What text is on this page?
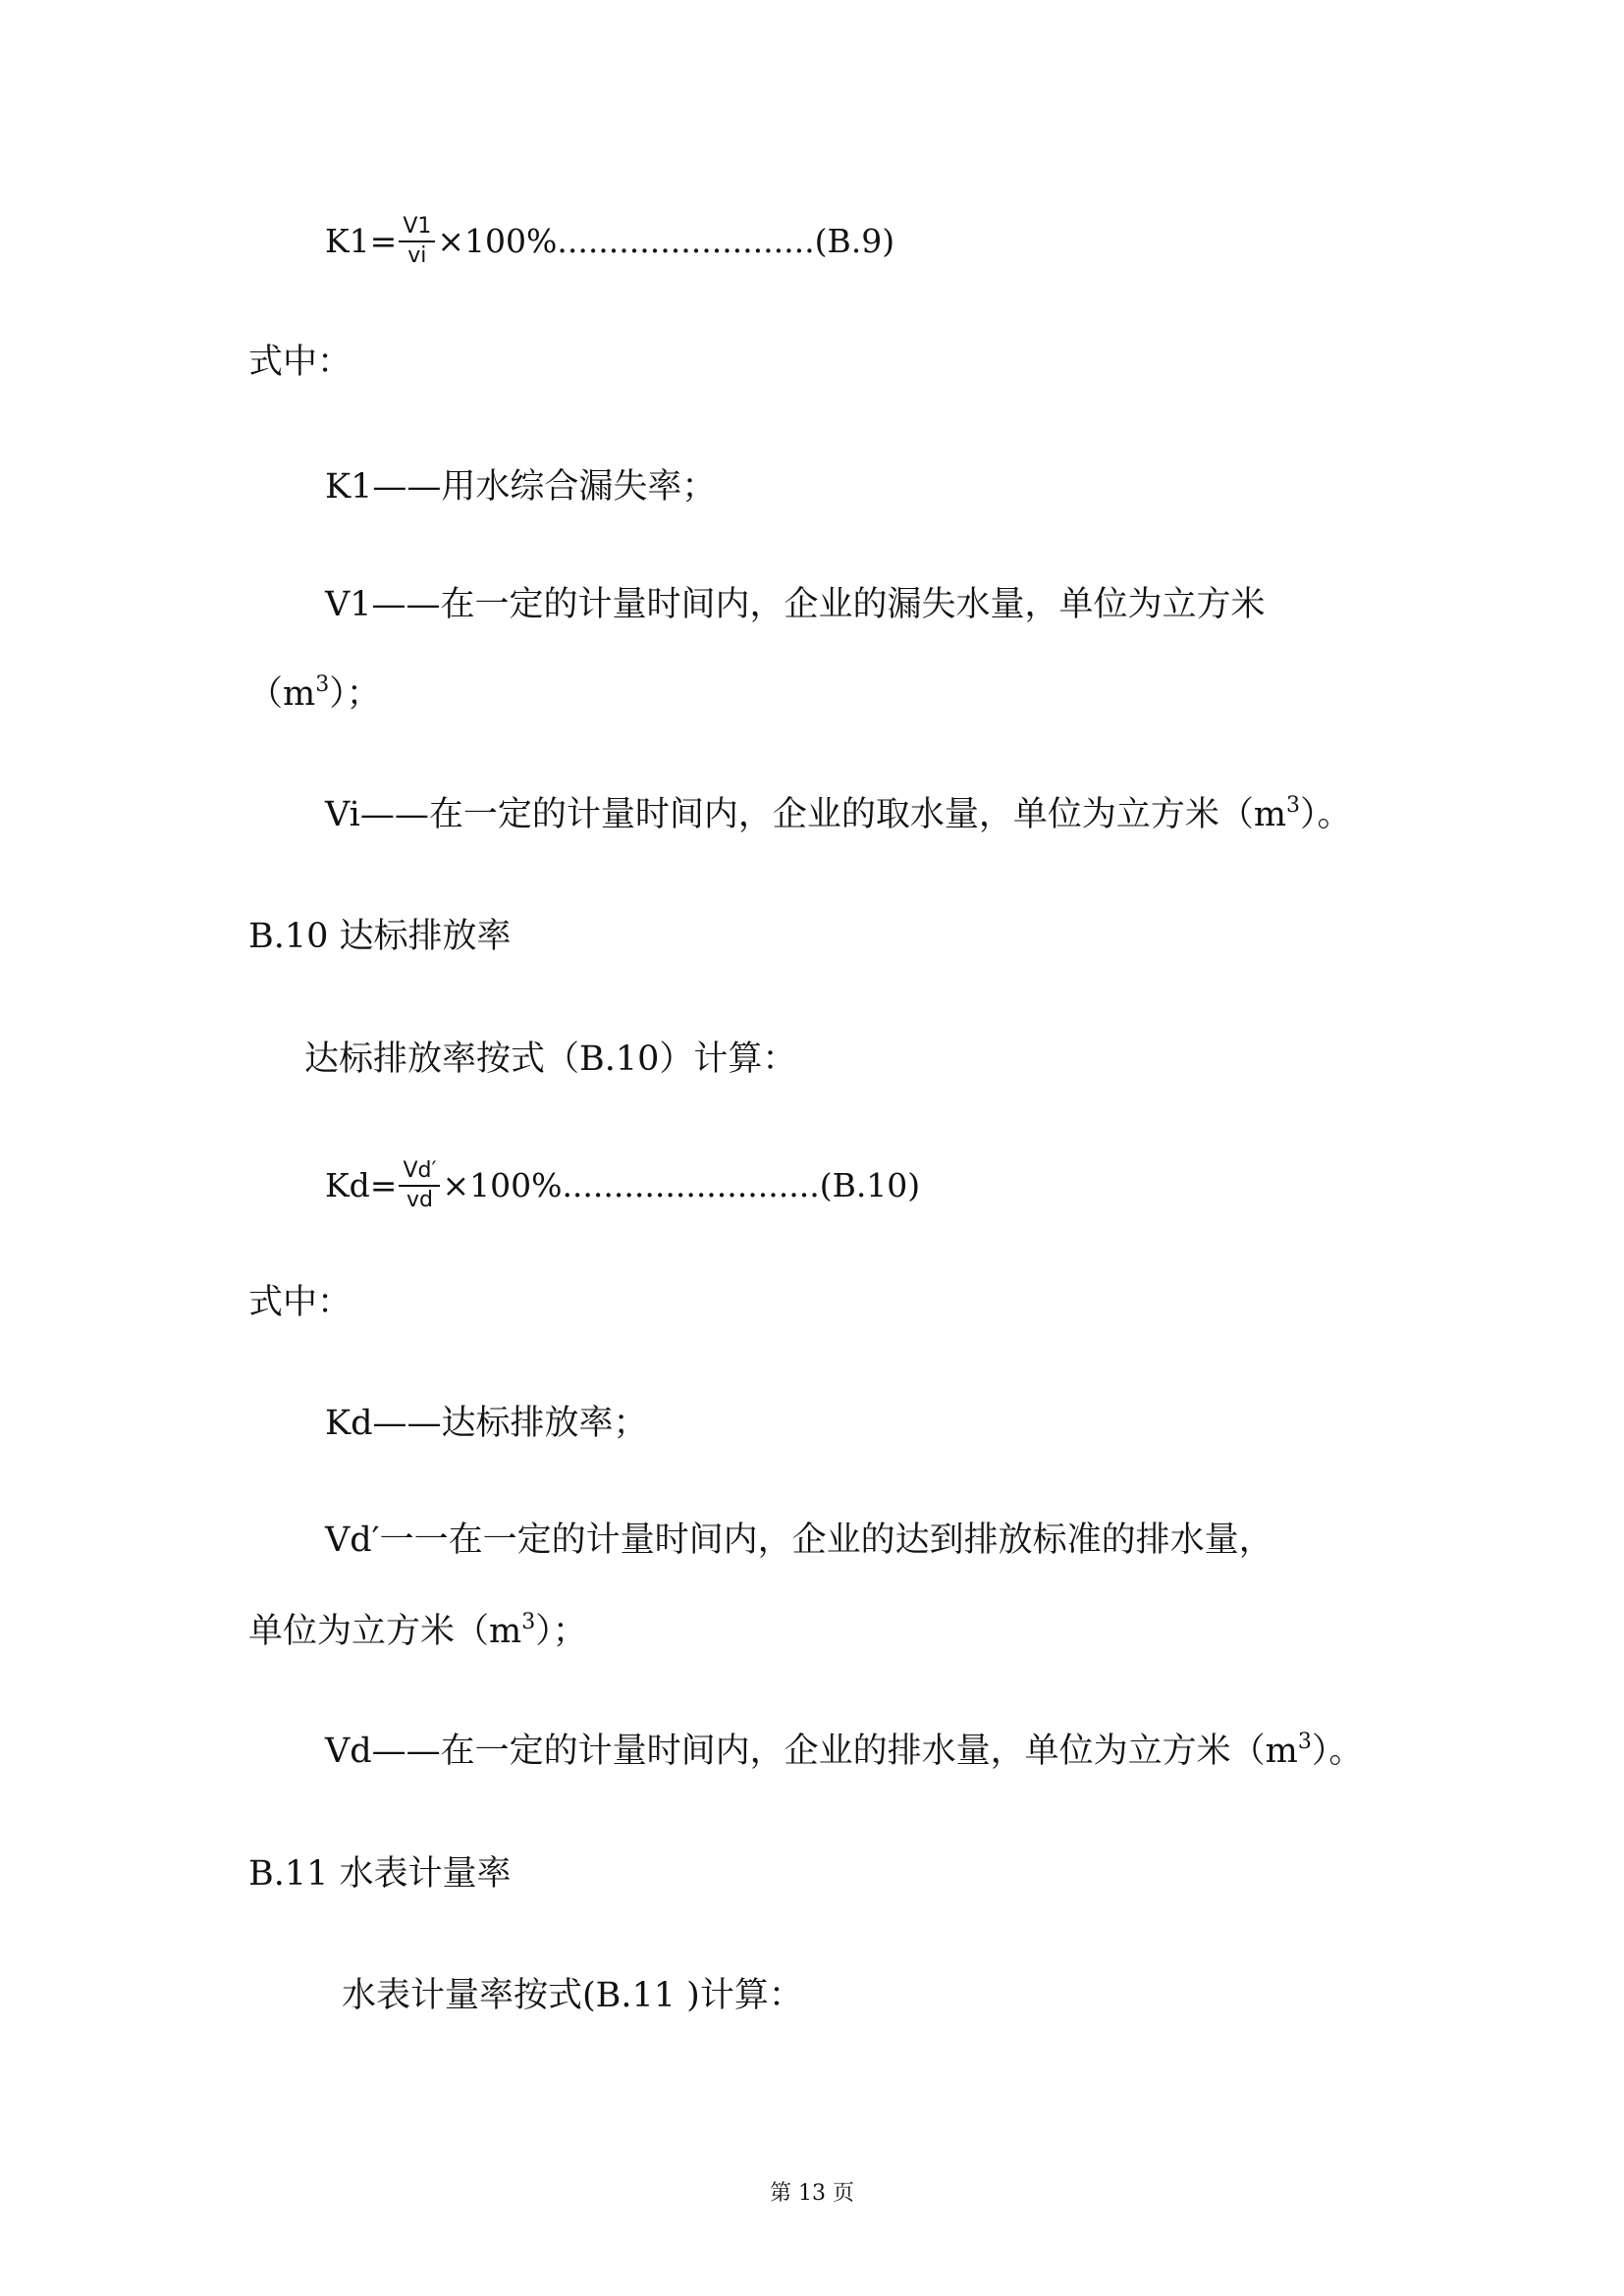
$K1= \frac{V1}{vi} \times 100\%.........................(B.9)$
式中：
K1——用水综合漏失率；
V1——在一定的计量时间内，企业的漏失水量，单位为立方米
$(m^3)$；
Vi——在一定的计量时间内，企业的取水量，单位为立方米$(m^3)$。
B.10 达标排放率
达标排放率按式（B.10）计算：
$Kd= \frac{Vd'}{vd} \times 100\%.........................(B.10)$
式中：
Kd——达标排放率；
Vd′一一在一定的计量时间内，企业的达到排放标准的排水量，
单位为立方米$(m^3)$；
Vd——在一定的计量时间内，企业的排水量，单位为立方米$(m^3)$。
B.11 水表计量率
水表计量率按式(B.11 )计算：
第 13 页
